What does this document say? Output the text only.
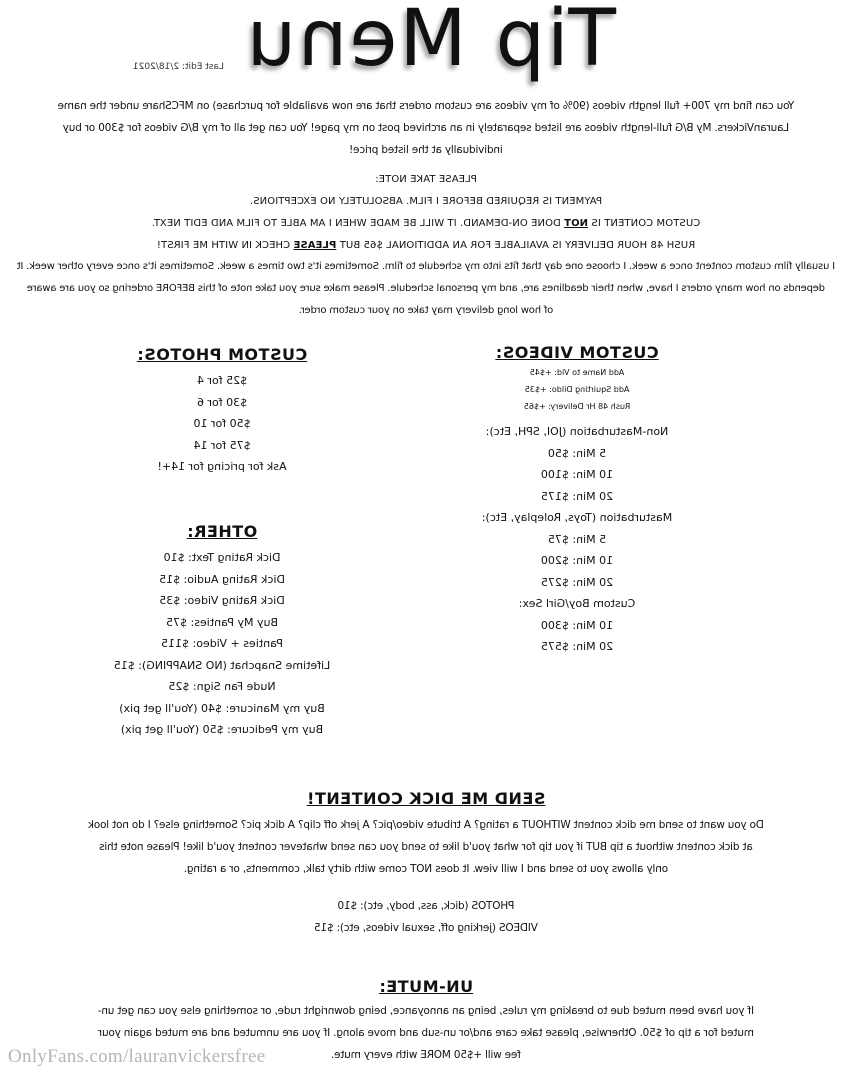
Tip Menu
Last Edit: 2/18/2021
You can find my 700+ full length videos (90% of my videos are custom orders that are now available for purchase) on MFCShare under the name
LauranVickers. My B/G full-length videos are listed separately in an archived post on my page! You can get all of my B/G videos for $300 or buy
individually at the listed price!
PLEASE TAKE NOTE:
PAYMENT IS REQUIRED BEFORE I FILM. ABSOLUTELY NO EXCEPTIONS.
CUSTOM CONTENT IS NOT DONE ON-DEMAND. IT WILL BE MADE WHEN I AM ABLE TO FILM AND EDIT NEXT.
RUSH 48 HOUR DELIVERY IS AVAILABLE FOR AN ADDITIONAL $65 BUT PLEASE CHECK IN WITH ME FIRST!
I usually film custom content once a week. I choose one day that fits into my schedule to film. Sometimes it's two times a week. Sometimes it's once every other week. It
depends on how many orders I have, when their deadlines are, and my personal schedule. Please make sure you take note of this BEFORE ordering so you are aware
of how long delivery may take on your custom order.
CUSTOM VIDEOS:
Add Name to Vid: +$45
Add Squirting Dildo: +$35
Rush 48 Hr Delivery: +$65
Non-Masturbation (JOI, SPH, Etc):
5 Min: $50
10 Min: $100
20 Min: $175
Masturbation (Toys, Roleplay, Etc):
5 Min: $75
10 Min: $200
20 Min: $275
Custom Boy/Girl Sex:
10 Min: $300
20 Min: $575
CUSTOM PHOTOS:
$25 for 4
$30 for 6
$50 for 10
$75 for 14
Ask for pricing for 14+!
OTHER:
Dick Rating Text: $10
Dick Rating Audio: $15
Dick Rating Video: $35
Buy My Panties: $75
Panties + Video: $115
Lifetime Snapchat (NO SNAPPING): $15
Nude Fan Sign: $25
Buy my Manicure: $40 (You'll get pix)
Buy my Pedicure: $50 (You'll get pix)
SEND ME DICK CONTENT!
Do you want to send me dick content WITHOUT a rating? A tribute video/pic? A jerk off clip? A dick pic? Something else? I do not look
at dick content without a tip BUT if you tip for what you'd like to send you can send whatever content you'd like! Please note this
only allows you to send and I will view. It does NOT come with dirty talk, comments, or a rating.
PHOTOS (dick, ass, body, etc): $10
VIDEOS (jerking off, sexual videos, etc): $15
UN-MUTE:
If you have been muted due to breaking my rules, being an annoyance, being downright rude, or something else you can get un-
muted for a tip of $50. Otherwise, please take care and/or un-sub and move along. If you are unmuted and are muted again your
fee will +$50 MORE with every mute.
OnlyFans.com/lauranvickersfree
